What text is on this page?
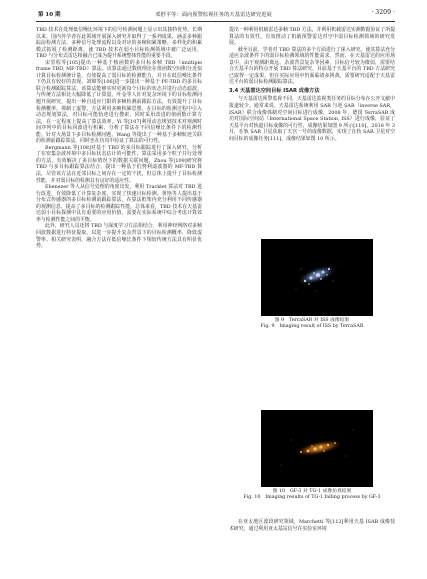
第 10 期	邓舒平等：面向预警监视任务的天基雷达研究进展	· 3209 ·

TBD 技术在处理低信噪比环境下的信号检测问题上显示出其独特优势。长期以来，国内外学者在此领域开展深入研究并取得了一系列成果，涵盖多种跟踪前检测方法，多种信号处理流程以及对应的多帧积累策略。多样化的积累模式拓展了检测距离，使 TBD 技术在弱小目标检测领域中被广泛运用，TBD 与分布式雷达相融合已成为提升系统整体性能的重要手段。

宋里程等[105]提出一种基于核函数的多目标多帧 TBD（multiple frame TBD, MF-TBD）算法。该算法通过数值理论在值函数空间积分近似计算目标检测统计量，有效提高了弱目标的检测能力，并且在低信噪比条件下仍具有较好的表现。刘锦等[106]进一步提出一种基于 PF-TBD 的多目标联合检测跟踪算法，该算法能够实时更新每个目标的状态并进行动态滤波，与传统方法相比大幅降低了计算量。叶金等人针对复杂环境下的目标检测问题开展研究，提出一种自适应门限的多帧检测前跟踪方法，有效提升了目标检测概率，抑制了虚警。方法利用多帧积累思想，在目标的检测过程中引入动态规划算法，对目标可能轨迹进行搜索，同时采用改进的值函数计算方法，在一定程度上提高了算法效率。Yi 等[107]利用动态规划技术对观测时间序列中的目标回波进行积累，分析了算法在不同信噪比条件下的检测性能。针对大场景下多目标检测问题，Wang 等提出了一种基于多帧航迹关联的检测前跟踪算法，同时也在仿真中验证了算法的可行性。

Bergmann 等[108]对基于 TBD 的多目标跟踪进行了深入研究，分析了在密集杂波环境中多目标状态估计的可能性。算法采用多个粒子并行处理的方法，有效解决了多目标情况下的数据关联问题。Zhou 等[109]研究将 TBD 与多目标跟踪算法结合，提出一种基于伯努利滤波器的 MF-TBD 算法，尽管该方法在近邻目标之间存在一定的干扰，但总体上提升了目标检测性能，并对弱目标的检测具有良好的适应性。

Ebenezer 等人从信号处理的角度出发，利用 Tracklet 算法对 TBD 进行改进，有效降低了计算复杂度，实现了快速目标检测。黄艳等人提出基于分布式传感器的多目标检测前跟踪算法，在算法框架内充分利用不同传感器的观测信息，提高了多目标的检测跟踪性能。总体来看，TBD 技术在天基雷达弱小目标探测中具有重要的应用价值，需要在实际系统中综合考虑计算效率与检测性能之间的平衡。

此外，研究人员还将 TBD 与深度学习方法相结合，利用神经网络对多帧回波数据进行特征提取，以进一步提升复杂背景下的目标检测概率，降低虚警率。相关研究表明，融合方法在低信噪比条件下相较传统方法具有明显优势。

提出一种利用机载雷达多帧 TBD 方法，并利用机载雷达实测数据验证了所提算法的有效性。有效推动了机载预警雷达对空中弱目标检测领域的研究发展。

截至目前，学者对 TBD 算法的多个方面进行了深入研究，使其算法充分适应杂波条件下的弱目标检测领域的性能需求。然而，在天基雷达的应用场景中，由于观测距离远、杂波背景复杂等因素，目标信号较为微弱，需要结合天基平台的特点开展 TBD 算法研究。目前基于天基平台的 TBD 方法研究已取得一定成果，但在实际应用中仍面临诸多挑战，需要研究适配于天基雷达平台的弱目标检测跟踪算法。

3.4 天基雷达空间目标 ISAR 成像方法

与天基雷达预警监视不同，天基雷达监视类任务的目标分布在公开文献中报道较少。通常来说，天基雷达系统利用 SAR 与逆 SAR（inverse SAR，ISAR）联合成像体制对空间目标进行成像，2008 年，德国 TerraSAR 成功对国际空间站（International Space Station, ISS）进行成像，验证了天基平台对轨道目标成像的可行性，成像结果如图 9 所示[110]。2018 年 3 月，在轨 SAR 卫星获取了天宫一号的成像数据，实现了在轨 SAR 卫星对空间目标的成像任务[111]，成像结果如图 10 所示。

图 9　TerraSAR 对 ISS 成像结果
Fig. 9　Imaging result of ISS by TerraSAR
图 10　GF-3 对 TG-1 成像仿真结果
Fig. 10　Imaging results of TG-1 falling process by GF-3

在亚太地区波段研究领域，Marchetti 等[112]利用天基 ISAR 成像技术研究，通过利用亚太基站信号在实验室环境
